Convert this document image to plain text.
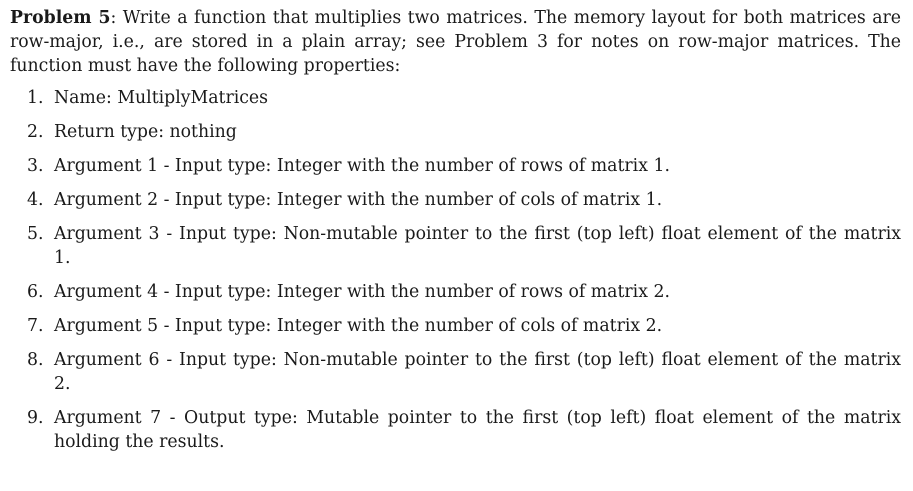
Problem 5: Write a function that multiplies two matrices. The memory layout for both matrices are row-major, i.e., are stored in a plain array; see Problem 3 for notes on row-major matrices. The function must have the following properties:

1. Name: MultiplyMatrices
2. Return type: nothing
3. Argument 1 - Input type: Integer with the number of rows of matrix 1.
4. Argument 2 - Input type: Integer with the number of cols of matrix 1.
5. Argument 3 - Input type: Non-mutable pointer to the first (top left) float element of the matrix 1.
6. Argument 4 - Input type: Integer with the number of rows of matrix 2.
7. Argument 5 - Input type: Integer with the number of cols of matrix 2.
8. Argument 6 - Input type: Non-mutable pointer to the first (top left) float element of the matrix 2.
9. Argument 7 - Output type: Mutable pointer to the first (top left) float element of the matrix holding the results.
